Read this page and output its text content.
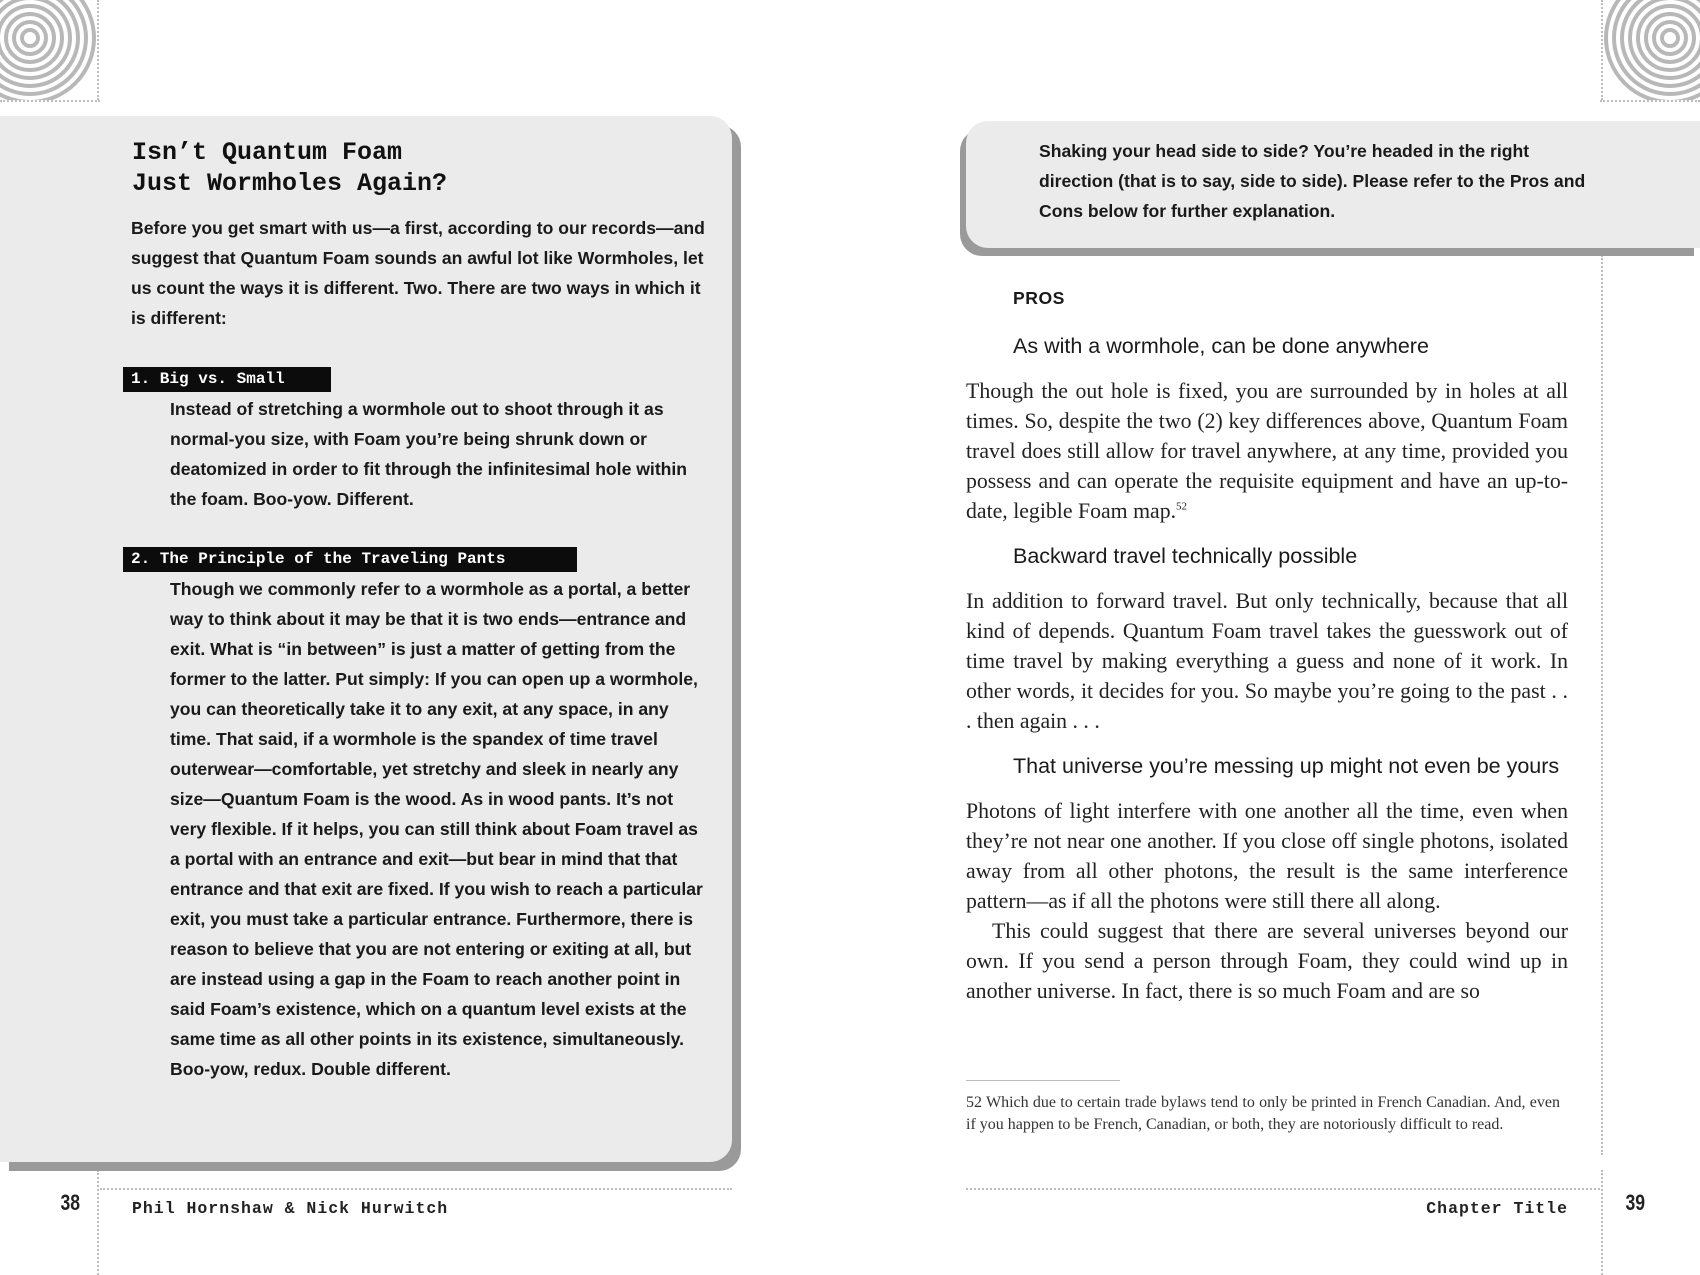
Isn’t Quantum Foam
Just Wormholes Again?
Before you get smart with us—a first, according to our records—and suggest that Quantum Foam sounds an awful lot like Wormholes, let us count the ways it is different. Two. There are two ways in which it is different:
1. Big vs. Small
Instead of stretching a wormhole out to shoot through it as normal-you size, with Foam you’re being shrunk down or deatomized in order to fit through the infinitesimal hole within the foam. Boo-yow. Different.
2. The Principle of the Traveling Pants
Though we commonly refer to a wormhole as a portal, a better way to think about it may be that it is two ends—entrance and exit. What is “in between” is just a matter of getting from the former to the latter. Put simply: If you can open up a wormhole, you can theoretically take it to any exit, at any space, in any time. That said, if a wormhole is the spandex of time travel outerwear—comfortable, yet stretchy and sleek in nearly any size—Quantum Foam is the wood. As in wood pants. It’s not very flexible. If it helps, you can still think about Foam travel as a portal with an entrance and exit—but bear in mind that that entrance and that exit are fixed. If you wish to reach a particular exit, you must take a particular entrance. Furthermore, there is reason to believe that you are not entering or exiting at all, but are instead using a gap in the Foam to reach another point in said Foam’s existence, which on a quantum level exists at the same time as all other points in its existence, simultaneously. Boo-yow, redux. Double different.
38	Phil Hornshaw & Nick Hurwitch
Shaking your head side to side? You’re headed in the right direction (that is to say, side to side). Please refer to the Pros and Cons below for further explanation.
PROS
As with a wormhole, can be done anywhere
Though the out hole is fixed, you are surrounded by in holes at all times. So, despite the two (2) key differences above, Quantum Foam travel does still allow for travel anywhere, at any time, provided you possess and can operate the requisite equipment and have an up-to-date, legible Foam map.$^{52}$
Backward travel technically possible
In addition to forward travel. But only technically, because that all kind of depends. Quantum Foam travel takes the guesswork out of time travel by making everything a guess and none of it work. In other words, it decides for you. So maybe you’re going to the past . . . then again . . .
That universe you’re messing up might not even be yours
Photons of light interfere with one another all the time, even when they’re not near one another. If you close off single photons, isolated away from all other photons, the result is the same interference pattern—as if all the photons were still there all along.
This could suggest that there are several universes beyond our own. If you send a person through Foam, they could wind up in another universe. In fact, there is so much Foam and are so
52 Which due to certain trade bylaws tend to only be printed in French Canadian. And, even if you happen to be French, Canadian, or both, they are notoriously difficult to read.
Chapter Title	39
